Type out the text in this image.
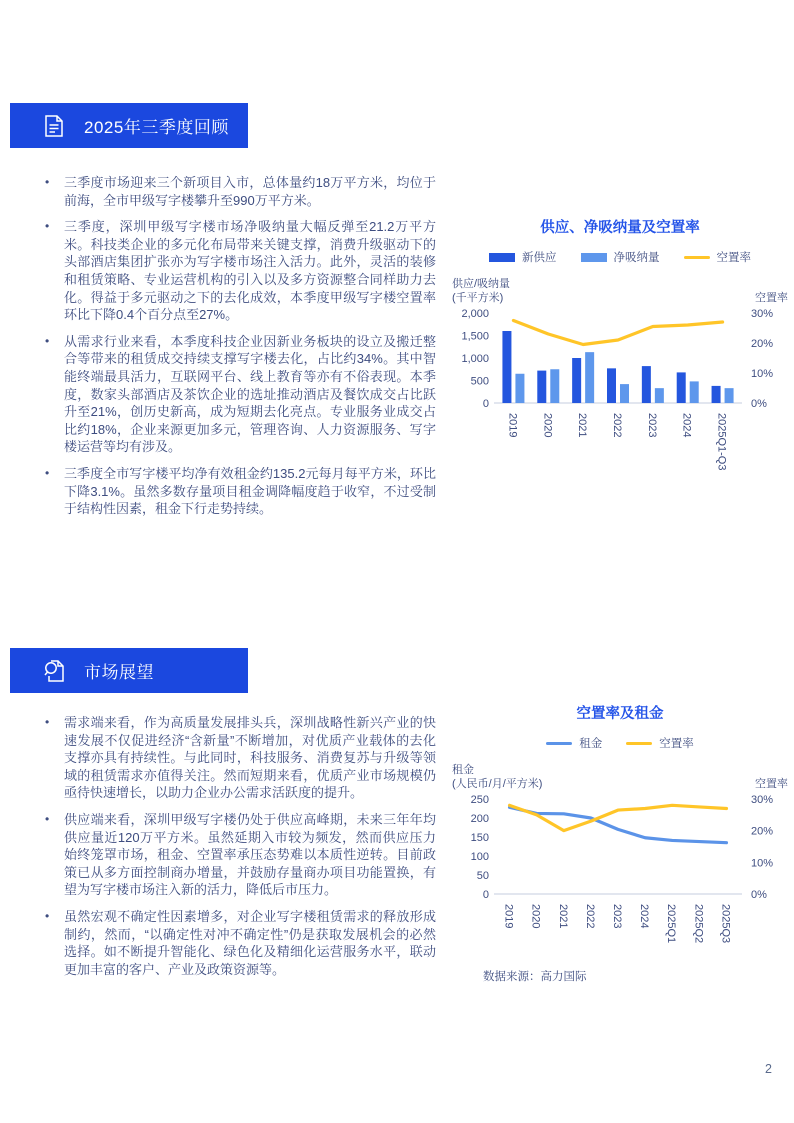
2025年三季度回顾
• 三季度市场迎来三个新项目入市，总体量约18万平方米，均位于前海，全市甲级写字楼攀升至990万平方米。
• 三季度，深圳甲级写字楼市场净吸纳量大幅反弹至21.2万平方米。科技类企业的多元化布局带来关键支撑，消费升级驱动下的头部酒店集团扩张亦为写字楼市场注入活力。此外，灵活的装修和租赁策略、专业运营机构的引入以及多方资源整合同样助力去化。得益于多元驱动之下的去化成效，本季度甲级写字楼空置率环比下降0.4个百分点至27%。
• 从需求行业来看，本季度科技企业因新业务板块的设立及搬迁整合等带来的租赁成交持续支撑写字楼去化，占比约34%。其中智能终端最具活力，互联网平台、线上教育等亦有不俗表现。本季度，数家头部酒店及茶饮企业的选址推动酒店及餐饮成交占比跃升至21%，创历史新高，成为短期去化亮点。专业服务业成交占比约18%，企业来源更加多元，管理咨询、人力资源服务、写字楼运营等均有涉及。
• 三季度全市写字楼平均净有效租金约135.2元每月每平方米，环比下降3.1%。虽然多数存量项目租金调降幅度趋于收窄，不过受制于结构性因素，租金下行走势持续。
供应、净吸纳量及空置率
新供应	净吸纳量	空置率
供应/吸纳量
(千平方米)	空置率
0
500
1,000
1,500
2,000
0%
10%
20%
30%
2019 2020 2021 2022 2023 2024 2025Q1-Q3
市场展望
• 需求端来看，作为高质量发展排头兵，深圳战略性新兴产业的快速发展不仅促进经济“含新量”不断增加，对优质产业载体的去化支撑亦具有持续性。与此同时，科技服务、消费复苏与升级等领域的租赁需求亦值得关注。然而短期来看，优质产业市场规模仍亟待快速增长，以助力企业办公需求活跃度的提升。
• 供应端来看，深圳甲级写字楼仍处于供应高峰期，未来三年年均供应量近120万平方米。虽然延期入市较为频发，然而供应压力始终笼罩市场，租金、空置率承压态势难以本质性逆转。目前政策已从多方面控制商办增量，并鼓励存量商办项目功能置换，有望为写字楼市场注入新的活力，降低后市压力。
• 虽然宏观不确定性因素增多，对企业写字楼租赁需求的释放形成制约，然而，“以确定性对冲不确定性”仍是获取发展机会的必然选择。如不断提升智能化、绿色化及精细化运营服务水平，联动更加丰富的客户、产业及政策资源等。
空置率及租金
租金	空置率
租金
(人民币/月/平方米)	空置率
0
50
100
150
200
250
0%
10%
20%
30%
2019 2020 2021 2022 2023 2024 2025Q1 2025Q2 2025Q3
数据来源：高力国际
2
